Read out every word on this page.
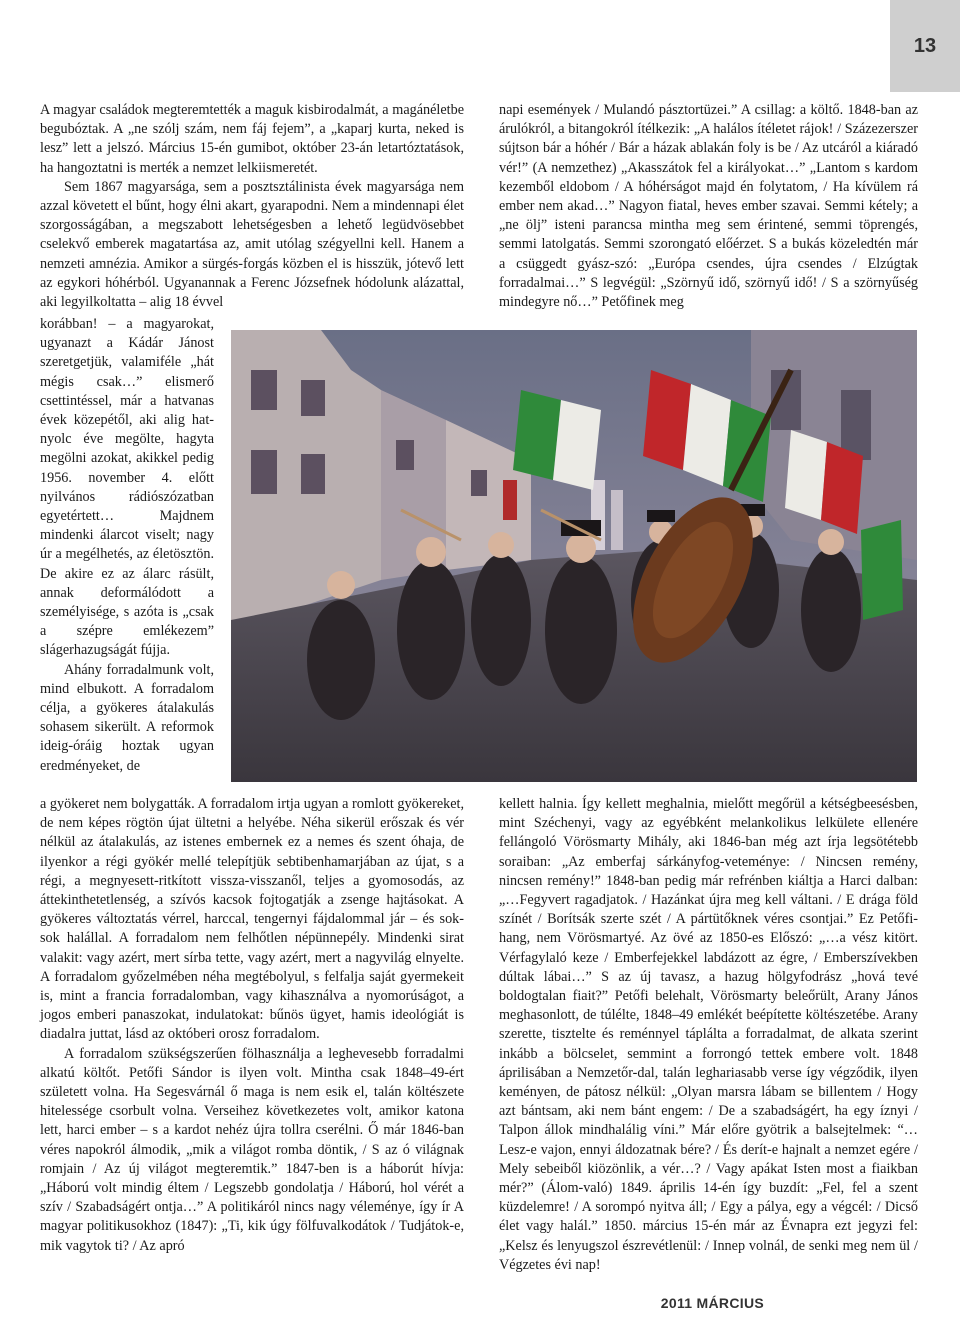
13

A magyar családok megteremtették a maguk kisbirodalmát, a magánéletbe begubóztak. A „ne szólj szám, nem fáj fejem”, a „kaparj kurta, neked is lesz” lett a jelszó. Március 15-én gumibot, október 23-án letartóztatások, ha hangoztatni is merték a nemzet lelkiismeretét.

Sem 1867 magyarsága, sem a posztsztálinista évek magyarsága nem azzal követett el bűnt, hogy élni akart, gyarapodni. Nem a mindennapi élet szorgosságában, a megszabott lehetségesben a lehető legüdvösebbet cselekvő emberek magatartása az, amit utólag szégyellni kell. Hanem a nemzeti amnézia. Amikor a sürgés-forgás közben el is hisszük, jótevő lett az egykori hóhérból. Ugyanannak a Ferenc Józsefnek hódolunk alázattal, aki legyilkoltatta – alig 18 évvel

korábban! – a magyarokat, ugyanazt a Kádár Jánost szeretgetjük, valamiféle „hát mégis csak…” elismerő csettintéssel, már a hatvanas évek közepétől, aki alig hat-nyolc éve megölte, hagyta megölni azokat, akikkel pedig 1956. november 4. előtt nyilvános rádiószózatban egyetértett… Majdnem mindenki álarcot viselt; nagy úr a megélhetés, az életösztön. De akire ez az álarc rásült, annak deformálódott a személyisége, s azóta is „csak a szépre emlékezem” slágerhazugságát fújja.

Ahány forradalmunk volt, mind elbukott. A forradalom célja, a gyökeres átalakulás sohasem sikerült. A reformok ideig-óráig hoztak ugyan eredményeket, de

a gyökeret nem bolygatták. A forradalom irtja ugyan a romlott gyökereket, de nem képes rögtön újat ültetni a helyébe. Néha sikerül erőszak és vér nélkül az átalakulás, az istenes embernek ez a nemes és szent óhaja, de ilyenkor a régi gyökér mellé telepítjük sebtibenhamarjában az újat, s a régi, a megnyesett-ritkított vissza-visszanől, teljes a gyomosodás, az áttekinthetetlenség, a szívós kacsok fojtogatják a zsenge hajtásokat. A gyökeres változtatás vérrel, harccal, tengernyi fájdalommal jár – és sok-sok halállal. A forradalom nem felhőtlen népünnepély. Mindenki sirat valakit: vagy azért, mert sírba tette, vagy azért, mert a nagyvilág elnyelte. A forradalom győzelmében néha megtébolyul, s felfalja saját gyermekeit is, mint a francia forradalomban, vagy kihasználva a nyomorúságot, a jogos emberi panaszokat, indulatokat: bűnös ügyet, hamis ideológiát is diadalra juttat, lásd az októberi orosz forradalom.

A forradalom szükségszerűen fölhasználja a leghevesebb forradalmi alkatú költőt. Petőfi Sándor is ilyen volt. Mintha csak 1848–49-ért született volna. Ha Segesvárnál ő maga is nem esik el, talán költészete hitelessége csorbult volna. Verseihez következetes volt, amikor katona lett, harci ember – s a kardot nehéz újra tollra cserélni. Ő már 1846-ban véres napokról álmodik, „mik a világot romba döntik, / S az ó világnak romjain / Az új világot megteremtik.” 1847-ben is a háborút hívja: „Háború volt mindig éltem / Legszebb gondolatja / Háború, hol vérét a szív / Szabadságért ontja…” A politikáról nincs nagy véleménye, így ír A magyar politikusokhoz (1847): „Ti, kik úgy fölfuvalkodátok / Tudjátok-e, mik vagytok ti? / Az apró

napi események / Mulandó pásztortüzei.” A csillag: a költő. 1848-ban az árulókról, a bitangokról ítélkezik: „A halálos ítéletet rájok! / Százezerszer sújtson bár a hóhér / Bár a házak ablakán foly is be / Az utcáról a kiáradó vér!” (A nemzethez) „Akasszátok fel a királyokat…” „Lantom s kardom kezemből eldobom / A hóhérságot majd én folytatom, / Ha kívülem rá ember nem akad…” Nagyon fiatal, heves ember szavai. Semmi kétely; a „ne ölj” isteni parancsa mintha meg sem érintené, semmi töprengés, semmi latolgatás. Semmi szorongató előérzet. S a bukás közeledtén már a csüggedt gyász-szó: „Európa csendes, újra csendes / Elzúgtak forradalmai…” S legvégül: „Szörnyű idő, szörnyű idő! / S a szörnyűség mindegyre nő…” Petőfinek meg

kellett halnia. Így kellett meghalnia, mielőtt megőrül a kétségbeesésben, mint Széchenyi, vagy az egyébként melankolikus lelkülete ellenére fellángoló Vörösmarty Mihály, aki 1846-ban még azt írja legsötétebb soraiban: „Az emberfaj sárkányfog-veteménye: / Nincsen remény, nincsen remény!” 1848-ban pedig már refrénben kiáltja a Harci dalban: „…Fegyvert ragadjatok. / Hazánkat újra meg kell váltani. / E drága föld színét / Borítsák szerte szét / A pártütőknek véres csontjai.” Ez Petőfi-hang, nem Vörösmartyé. Az övé az 1850-es Előszó: „…a vész kitört. Vérfagylaló keze / Emberfejekkel labdázott az égre, / Emberszívekben dúltak lábai…” S az új tavasz, a hazug hölgyfodrász „hová tevé boldogtalan fiait?” Petőfi belehalt, Vörösmarty beleőrült, Arany János meghasonlott, de túlélte, 1848–49 emlékét beépítette költészetébe. Arany szerette, tisztelte és reménnyel táplálta a forradalmat, de alkata szerint inkább a bölcselet, semmint a forrongó tettek embere volt. 1848 áprilisában a Nemzetőr-dal, talán leghariasabb verse így végződik, ilyen keményen, de pátosz nélkül: „Olyan marsra lábam se billentem / Hogy azt bántsam, aki nem bánt engem: / De a szabadságért, ha egy íznyi / Talpon állok mindhalálig víni.” Már előre gyötrik a balsejtelmek: “…Lesz-e vajon, ennyi áldozatnak bére? / És derít-e hajnalt a nemzet egére / Mely sebeiből kiözönlik, a vér…? / Vagy apákat Isten most a fiaikban mér?” (Álom-való) 1849. április 14-én így buzdít: „Fel, fel a szent küzdelemre! / A sorompó nyitva áll; / Egy a pálya, egy a végcél: / Dicső élet vagy halál.” 1850. március 15-én már az Évnapra ezt jegyzi fel: „Kelsz és lenyugszol észrevétlenül: / Innep volnál, de senki meg nem ül / Végzetes évi nap!

2011 MÁRCIUS
